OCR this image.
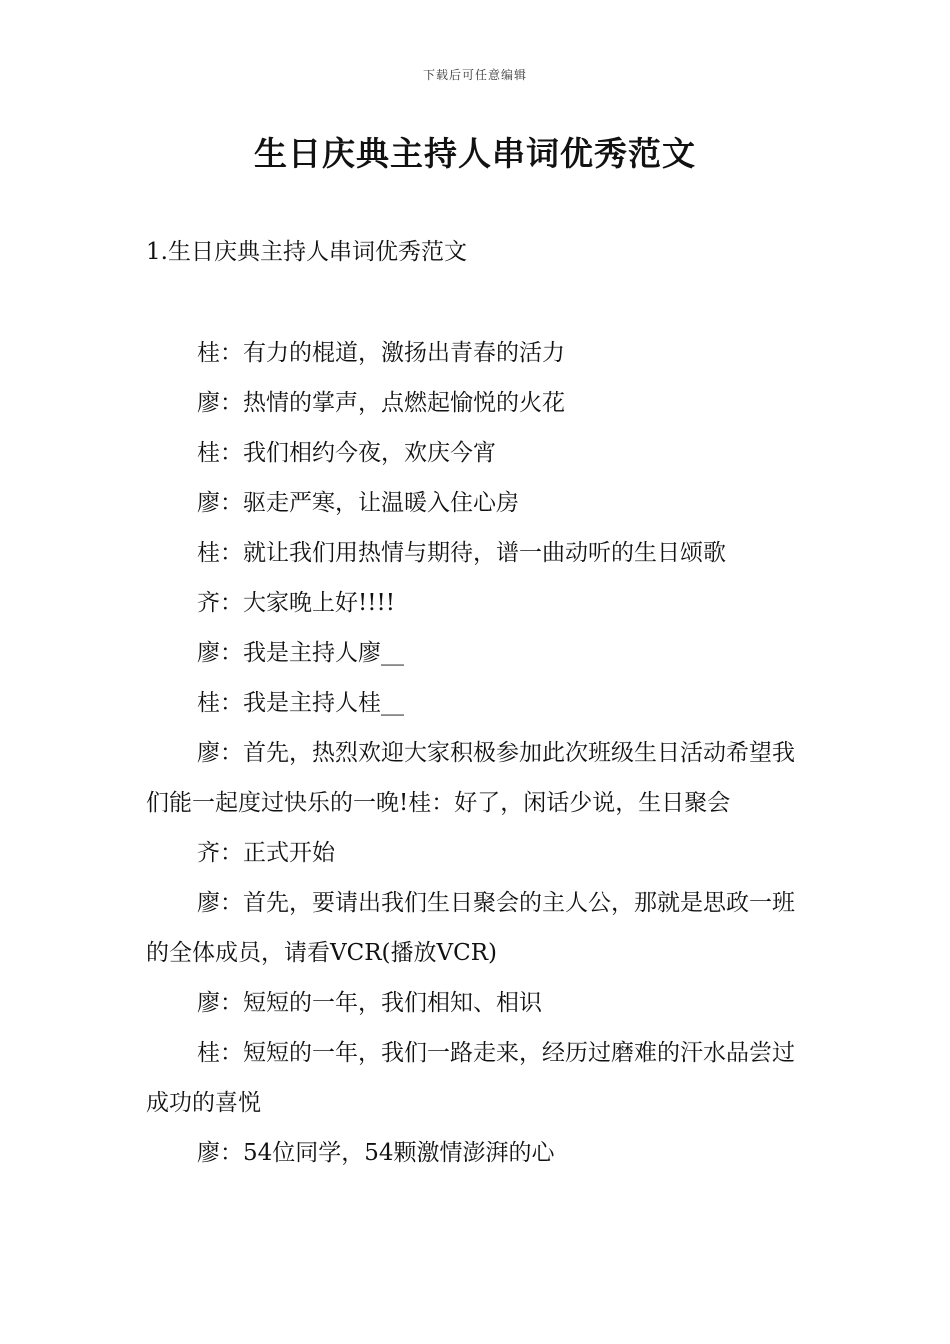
下载后可任意编辑
生日庆典主持人串词优秀范文
1.生日庆典主持人串词优秀范文

桂：有力的棍道，激扬出青春的活力

廖：热情的掌声，点燃起愉悦的火花

桂：我们相约今夜，欢庆今宵

廖：驱走严寒，让温暖入住心房

桂：就让我们用热情与期待，谱一曲动听的生日颂歌

齐：大家晚上好!!!!

廖：我是主持人廖__

桂：我是主持人桂__

廖：首先，热烈欢迎大家积极参加此次班级生日活动希望我们能一起度过快乐的一晚!桂：好了，闲话少说，生日聚会

齐：正式开始

廖：首先，要请出我们生日聚会的主人公，那就是思政一班的全体成员，请看VCR(播放VCR)

廖：短短的一年，我们相知、相识

桂：短短的一年，我们一路走来，经历过磨难的汗水品尝过成功的喜悦

廖：54位同学，54颗激情澎湃的心
